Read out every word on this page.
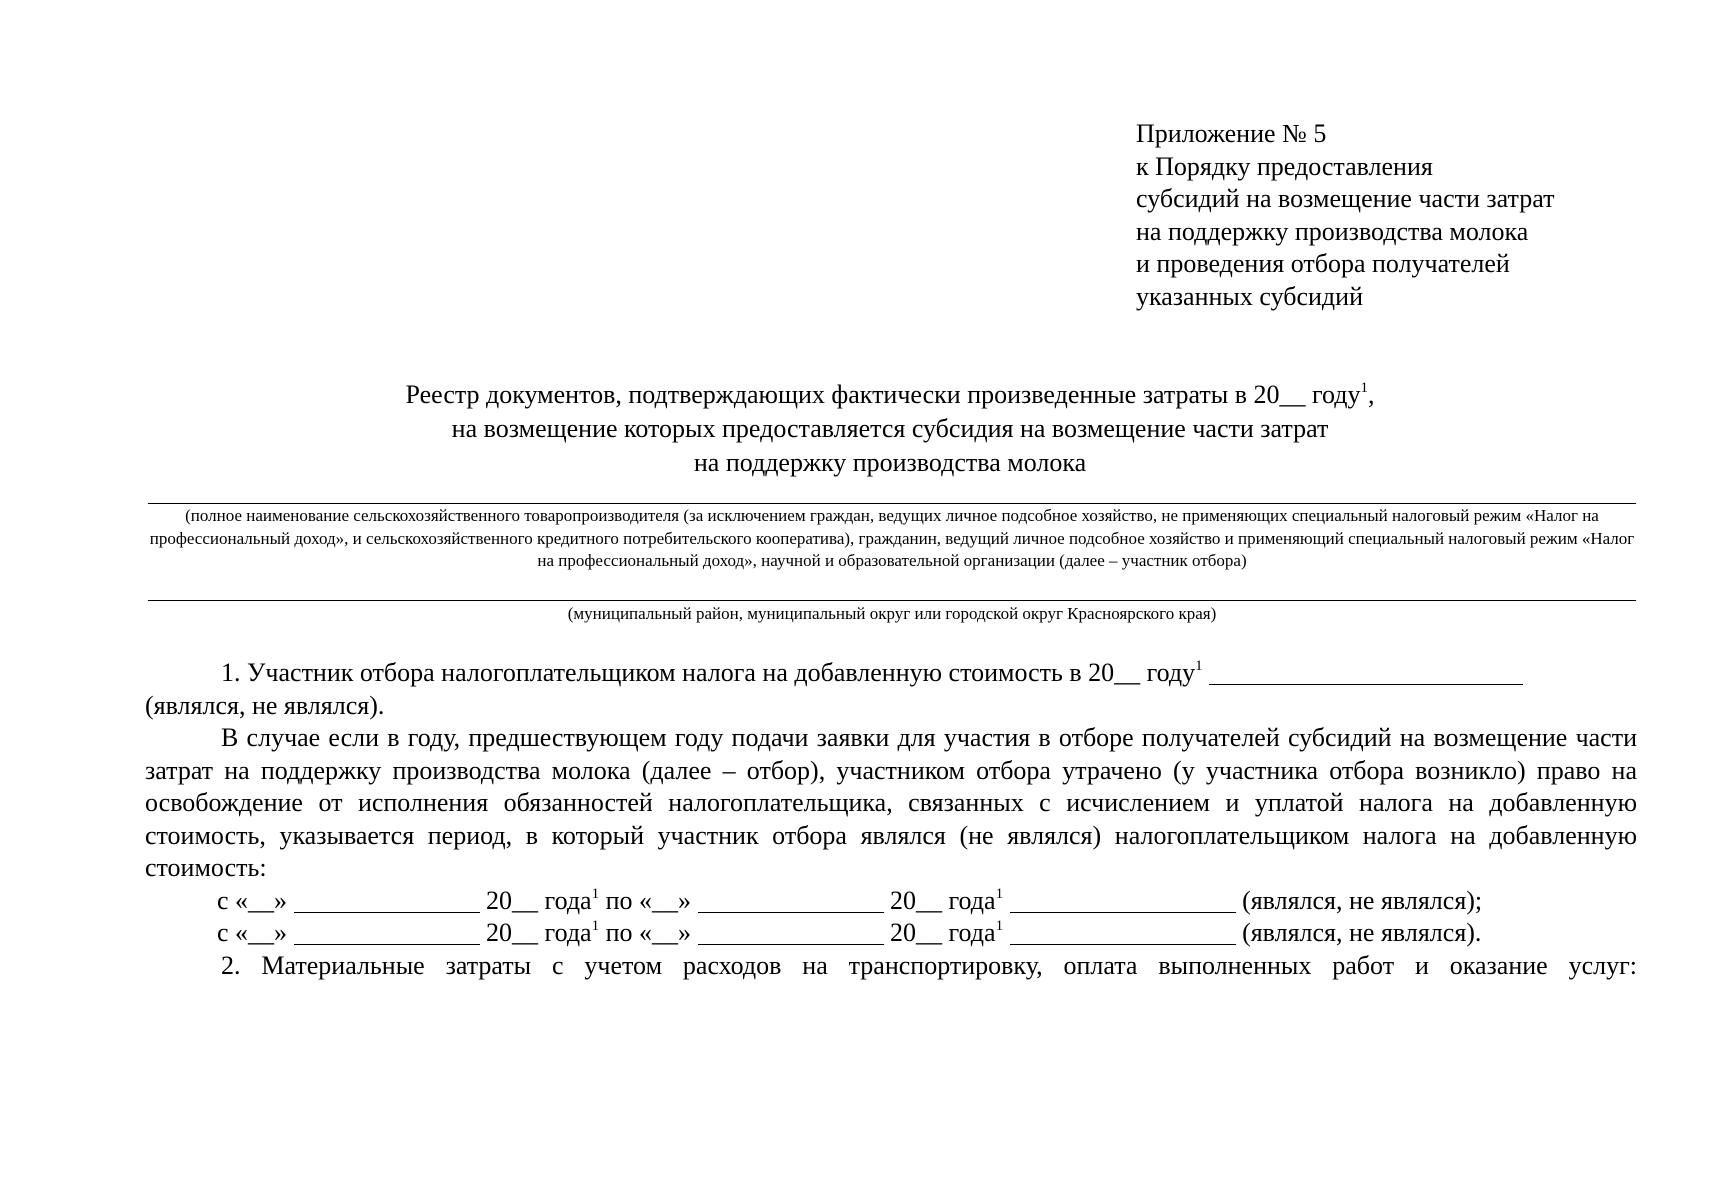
Приложение № 5
к Порядку предоставления
субсидий на возмещение части затрат
на поддержку производства молока
и проведения отбора получателей
указанных субсидий
Реестр документов, подтверждающих фактически произведенные затраты в 20__ году$^1$,
на возмещение которых предоставляется субсидия на возмещение части затрат
на поддержку производства молока
(полное наименование сельскохозяйственного товаропроизводителя (за исключением граждан, ведущих личное подсобное хозяйство, не применяющих специальный налоговый режим «Налог на профессиональный доход», и сельскохозяйственного кредитного потребительского кооператива), гражданин, ведущий личное подсобное хозяйство и применяющий специальный налоговый режим «Налог на профессиональный доход», научной и образовательной организации (далее – участник отбора)
(муниципальный район, муниципальный округ или городской округ Красноярского края)
1. Участник отбора налогоплательщиком налога на добавленную стоимость в 20__ году$^1$
(являлся, не являлся).
В случае если в году, предшествующем году подачи заявки для участия в отборе получателей субсидий на возмещение части затрат на поддержку производства молока (далее – отбор), участником отбора утрачено (у участника отбора возникло) право на освобождение от исполнения обязанностей налогоплательщика, связанных с исчислением и уплатой налога на добавленную стоимость, указывается период, в который участник отбора являлся (не являлся) налогоплательщиком налога на добавленную стоимость:
с «__»	20__ года$^1$ по «__»	20__ года$^1$	(являлся, не являлся);
с «__»	20__ года$^1$ по «__»	20__ года$^1$	(являлся, не являлся).
2. Материальные затраты с учетом расходов на транспортировку, оплата выполненных работ и оказание услуг:
